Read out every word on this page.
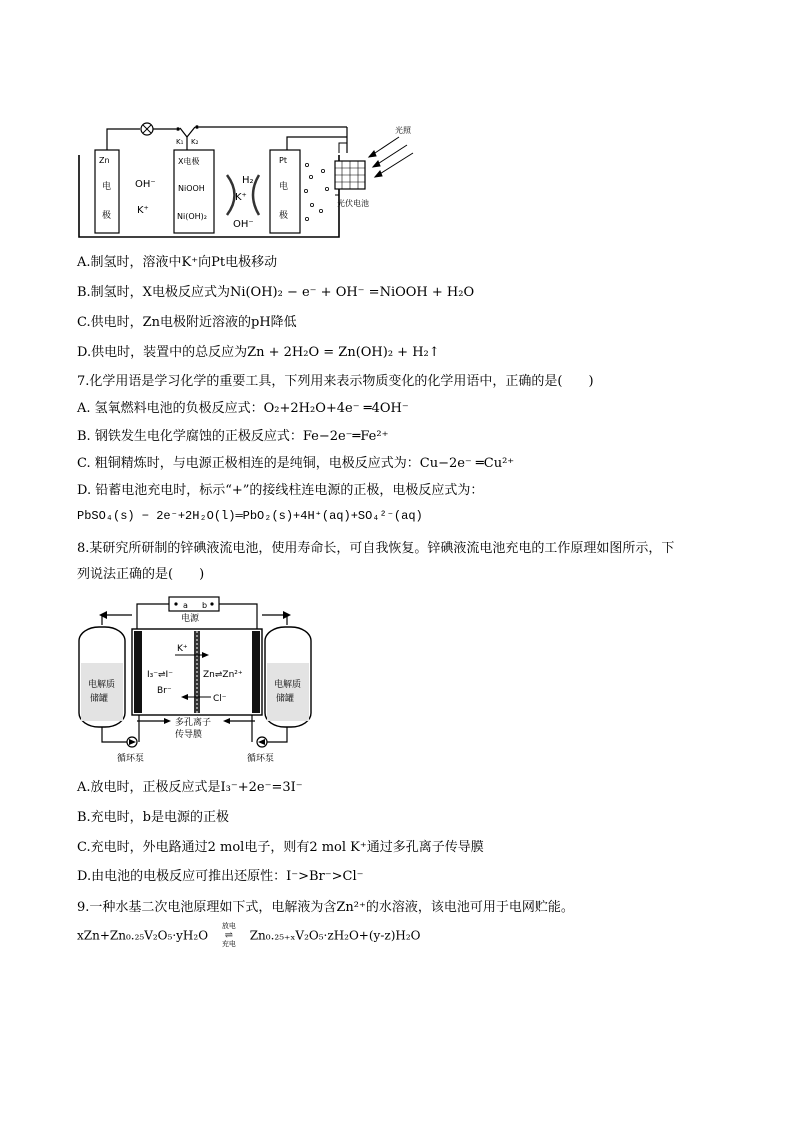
K₁ K₂
Zn
电
极
OH⁻
K⁺
X电极
NiOOH
Ni(OH)₂
H₂
K⁺
OH⁻
Pt
电
极
光伏电池
光照
A.制氢时，溶液中K⁺向Pt电极移动
B.制氢时，X电极反应式为Ni(OH)₂ − e⁻ + OH⁻ =NiOOH + H₂O
C.供电时，Zn电极附近溶液的pH降低
D.供电时，装置中的总反应为Zn + 2H₂O = Zn(OH)₂ + H₂↑
7.化学用语是学习化学的重要工具，下列用来表示物质变化的化学用语中，正确的是(　　)
A. 氢氧燃料电池的负极反应式：O₂+2H₂O+4e⁻ ═4OH⁻
B. 钢铁发生电化学腐蚀的正极反应式：Fe−2e⁻═Fe²⁺
C. 粗铜精炼时，与电源正极相连的是纯铜，电极反应式为：Cu−2e⁻ ═Cu²⁺
D. 铅蓄电池充电时，标示“+”的接线柱连电源的正极，电极反应式为：
PbSO₄(s) − 2e⁻+2H₂O(l)═PbO₂(s)+4H⁺(aq)+SO₄²⁻(aq)
8.某研究所研制的锌碘液流电池，使用寿命长，可自我恢复。锌碘液流电池充电的工作原理如图所示，下
列说法正确的是(　　)
a b
电源
电解质
储罐
电解质
储罐
K⁺
I₃⁻⇌I⁻
Br⁻
Zn⇌Zn²⁺
Cl⁻
多孔离子
传导膜
循环泵	循环泵
A.放电时，正极反应式是I₃⁻+2e⁻=3I⁻
B.充电时，b是电源的正极
C.充电时，外电路通过2 mol电子，则有2 mol K⁺通过多孔离子传导膜
D.由电池的电极反应可推出还原性：I⁻>Br⁻>Cl⁻
9.一种水基二次电池原理如下式，电解液为含Zn²⁺的水溶液，该电池可用于电网贮能。
xZn+Zn₀.₂₅V₂O₅·yH₂O
放电
⇌
充电
Zn₀.₂₅₊ₓV₂O₅·zH₂O+(y-z)H₂O
